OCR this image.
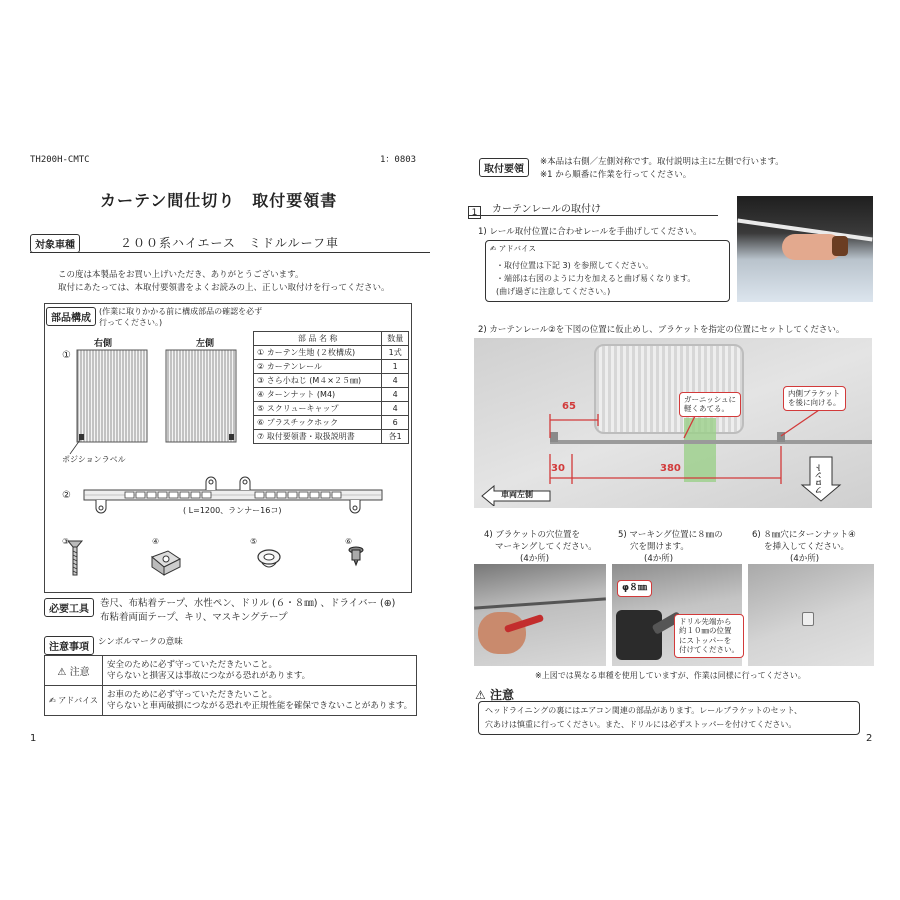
TH200H-CMTC	1：0803
カーテン間仕切り　取付要領書
対象車種	２００系ハイエース　ミドルルーフ車
この度は本製品をお買い上げいただき、ありがとうございます。
取付にあたっては、本取付要領書をよくお読みの上、正しい取付けを行ってください。
部品構成
(作業に取りかかる前に構成部品の確認を必ず
行ってください。)
部 品 名 称	数量
① カーテン生地 (２枚構成)	1式
② カーテンレール	1
③ さら小ねじ (M４×２５㎜)	4
④ ターンナット (M4)	4
⑤ スクリューキャップ	4
⑥ プラスチックホック	6
⑦ 取付要領書・取扱説明書	各1
①
右側	左側
ポジションラベル
②
( L=1200、ランナー16コ)
③	④	⑤	⑥
必要工具
巻尺、布粘着テープ、水性ペン、ドリル (６・８㎜) 、ドライバー (⊕)
布粘着両面テープ、キリ、マスキングテープ
注意事項	シンボルマークの意味
⚠ 注意	安全のために必ず守っていただきたいこと。
守らないと損害又は事故につながる恐れがあります。

✍ アドバイス	お車のために必ず守っていただきたいこと。
守らないと車両破損につながる恐れや正規性能を確保できないことがあります。
1
取付要領
※本品は右側／左側対称です。取付説明は主に左側で行います。
※1 から順番に作業を行ってください。
1 カーテンレールの取付け
1) レール取付位置に合わせレールを手曲げしてください。
✍ アドバイス
・取付位置は下記 3) を参照してください。
・端部は右図のように力を加えると曲げ易くなります。
(曲げ過ぎに注意してください。)
2) カーテンレール②を下図の位置に仮止めし、ブラケットを指定の位置にセットしてください。
65
30	380
ガーニッシュに
軽くあてる。
内側ブラケット
を後に向ける。
車両左側
フロント
4) ブラケットの穴位置を
マーキングしてください。
(4か所)
5) マーキング位置に８㎜の
穴を開けます。
(4か所)
6) ８㎜穴にターンナット④
を挿入してください。
(4か所)
φ８㎜
ドリル先端から
約１０㎜の位置
にストッパーを
付けてください。
※上図では異なる車種を使用していますが、作業は同様に行ってください。
⚠ 注意
ヘッドライニングの裏にはエアコン関連の部品があります。レールブラケットのセット、
穴あけは慎重に行ってください。また、ドリルには必ずストッパーを付けてください。
2
